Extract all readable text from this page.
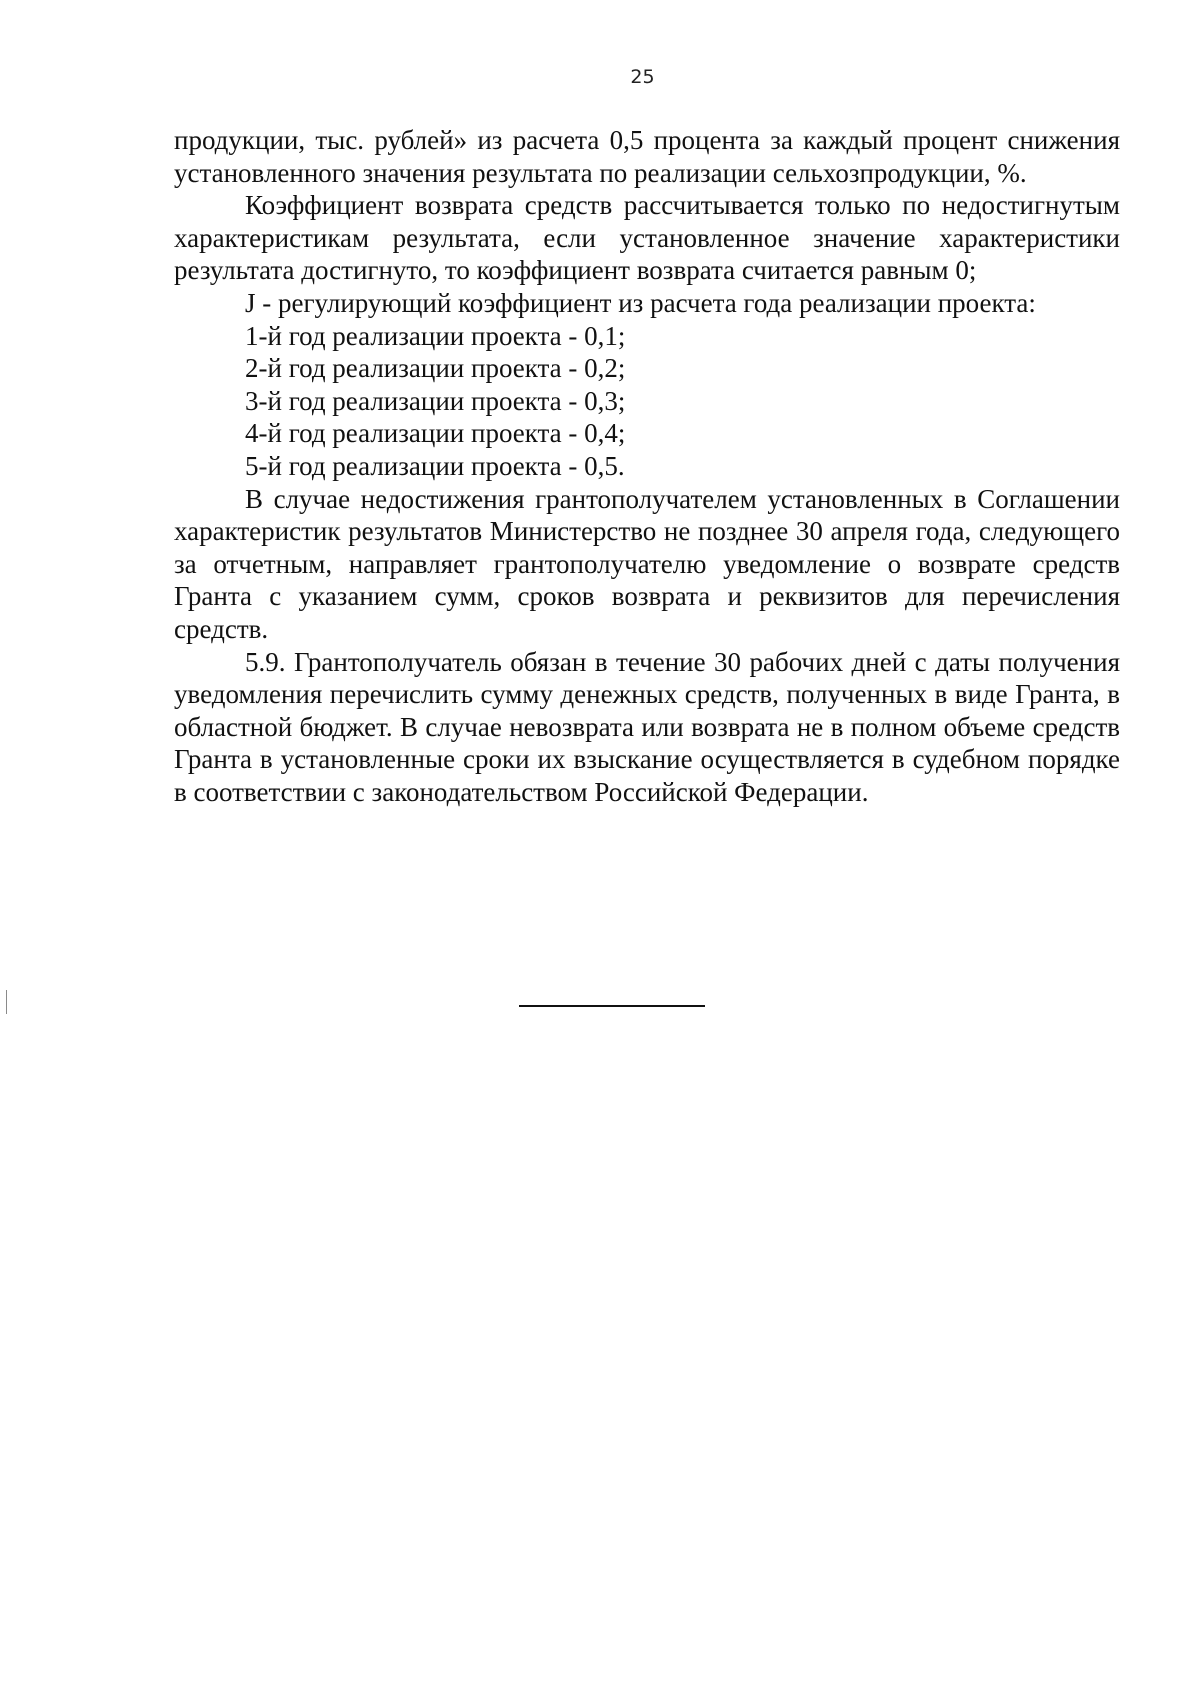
25

продукции, тыс. рублей» из расчета 0,5 процента за каждый процент снижения установленного значения результата по реализации сельхозпродукции, %.

Коэффициент возврата средств рассчитывается только по недостигнутым характеристикам результата, если установленное значение характеристики результата достигнуто, то коэффициент возврата считается равным 0;

J - регулирующий коэффициент из расчета года реализации проекта:

1-й год реализации проекта - 0,1;

2-й год реализации проекта - 0,2;

3-й год реализации проекта - 0,3;

4-й год реализации проекта - 0,4;

5-й год реализации проекта - 0,5.

В случае недостижения грантополучателем установленных в Соглашении характеристик результатов Министерство не позднее 30 апреля года, следующего за отчетным, направляет грантополучателю уведомление о возврате средств Гранта с указанием сумм, сроков возврата и реквизитов для перечисления средств.

5.9. Грантополучатель обязан в течение 30 рабочих дней с даты получения уведомления перечислить сумму денежных средств, полученных в виде Гранта, в областной бюджет. В случае невозврата или возврата не в полном объеме средств Гранта в установленные сроки их взыскание осуществляется в судебном порядке в соответствии с законодательством Российской Федерации.
